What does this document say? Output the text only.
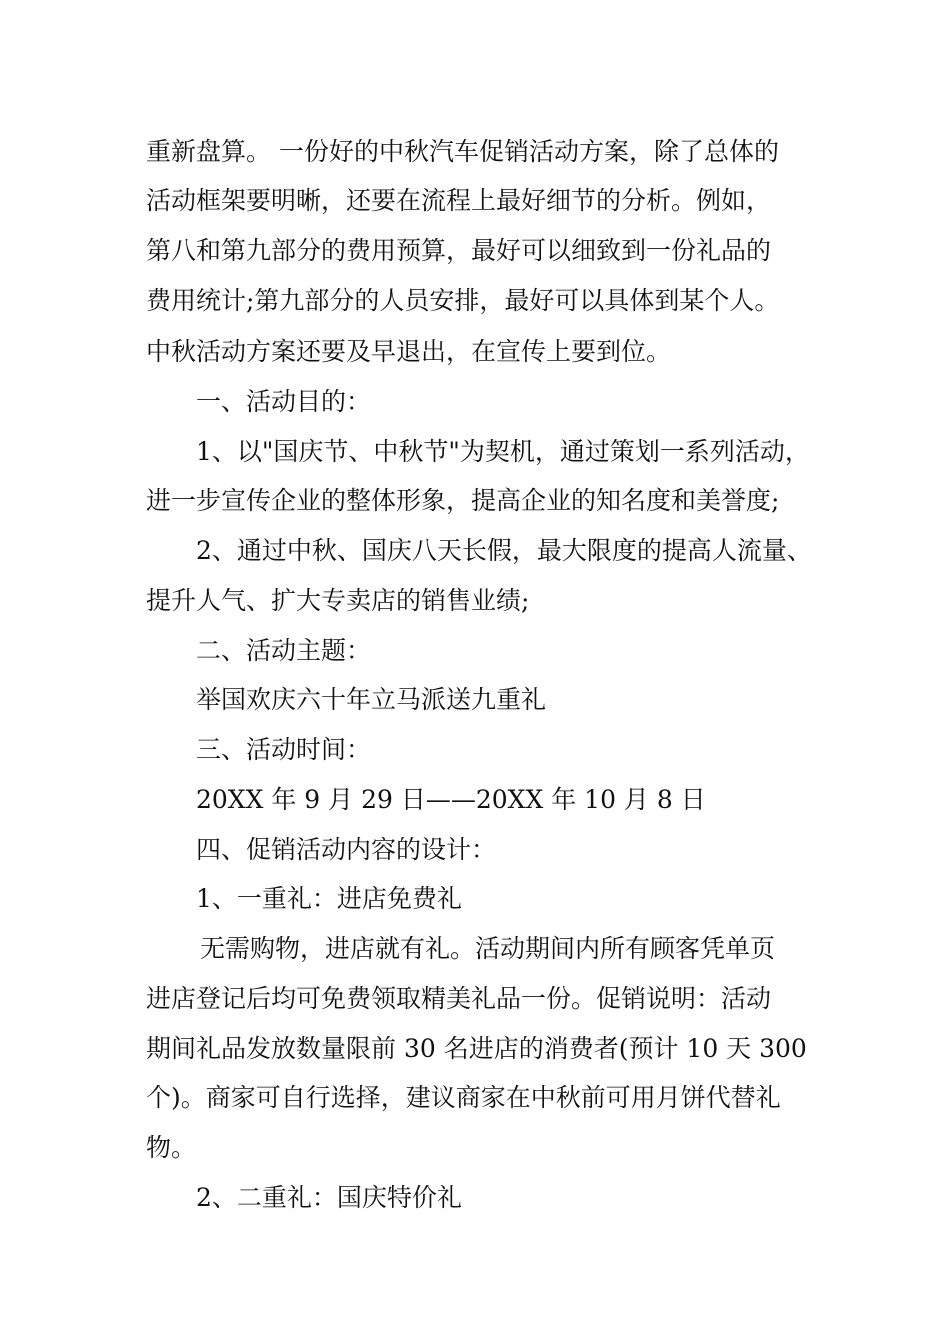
重新盘算。 一份好的中秋汽车促销活动方案，除了总体的

活动框架要明晰，还要在流程上最好细节的分析。例如，

第八和第九部分的费用预算，最好可以细致到一份礼品的

费用统计;第九部分的人员安排，最好可以具体到某个人。

中秋活动方案还要及早退出，在宣传上要到位。

一、活动目的：

1、以"国庆节、中秋节"为契机，通过策划一系列活动，

进一步宣传企业的整体形象，提高企业的知名度和美誉度;

2、通过中秋、国庆八天长假，最大限度的提高人流量、

提升人气、扩大专卖店的销售业绩;

二、活动主题：

举国欢庆六十年立马派送九重礼

三、活动时间：

20XX 年 9 月 29 日——20XX 年 10 月 8 日

四、促销活动内容的设计：

1、一重礼：进店免费礼

无需购物，进店就有礼。活动期间内所有顾客凭单页

进店登记后均可免费领取精美礼品一份。促销说明：活动

期间礼品发放数量限前 30 名进店的消费者(预计 10 天 300

个)。商家可自行选择，建议商家在中秋前可用月饼代替礼

物。

2、二重礼：国庆特价礼
